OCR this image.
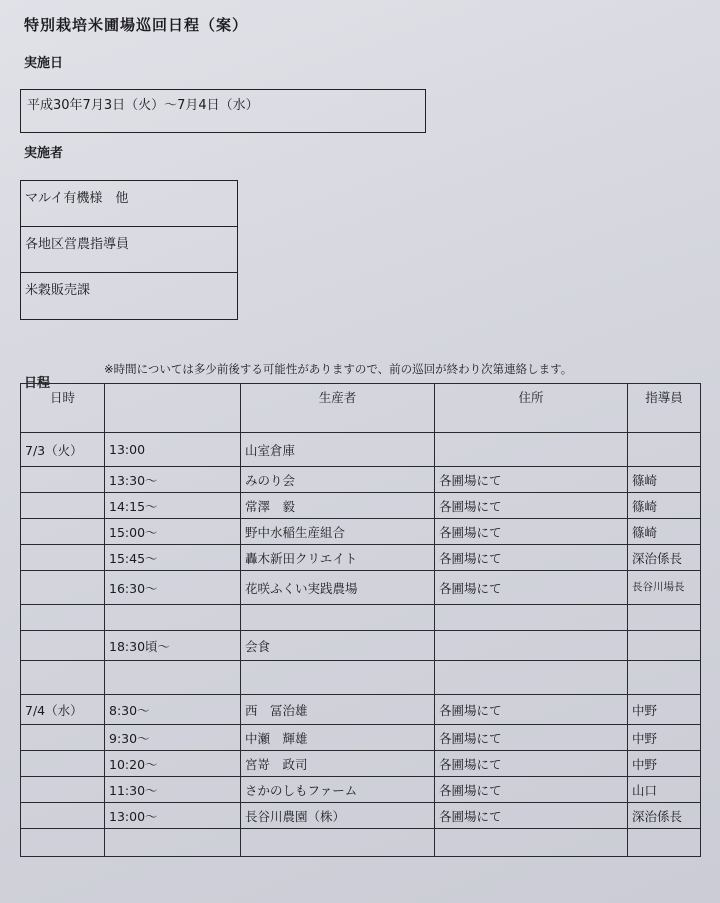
特別栽培米圃場巡回日程（案）
実施日
平成30年7月3日（火）～7月4日（水）
実施者
マルイ有機様　他
各地区営農指導員
米穀販売課
日程
※時間については多少前後する可能性がありますので、前の巡回が終わり次第連絡します。
日時		生産者	住所	指導員
7/3（火）	13:00	山室倉庫		
	13:30～	みのり会	各圃場にて	篠崎
	14:15～	常澤　毅	各圃場にて	篠崎
	15:00～	野中水稲生産組合	各圃場にて	篠崎
	15:45～	轟木新田クリエイト	各圃場にて	深治係長
	16:30～	花咲ふくい実践農場	各圃場にて	長谷川場長

	18:30頃～	会食		

7/4（水）	8:30～	西　冨治雄	各圃場にて	中野
	9:30～	中瀬　輝雄	各圃場にて	中野
	10:20～	宮嵜　政司	各圃場にて	中野
	11:30～	さかのしもファーム	各圃場にて	山口
	13:00～	長谷川農園（株）	各圃場にて	深治係長
